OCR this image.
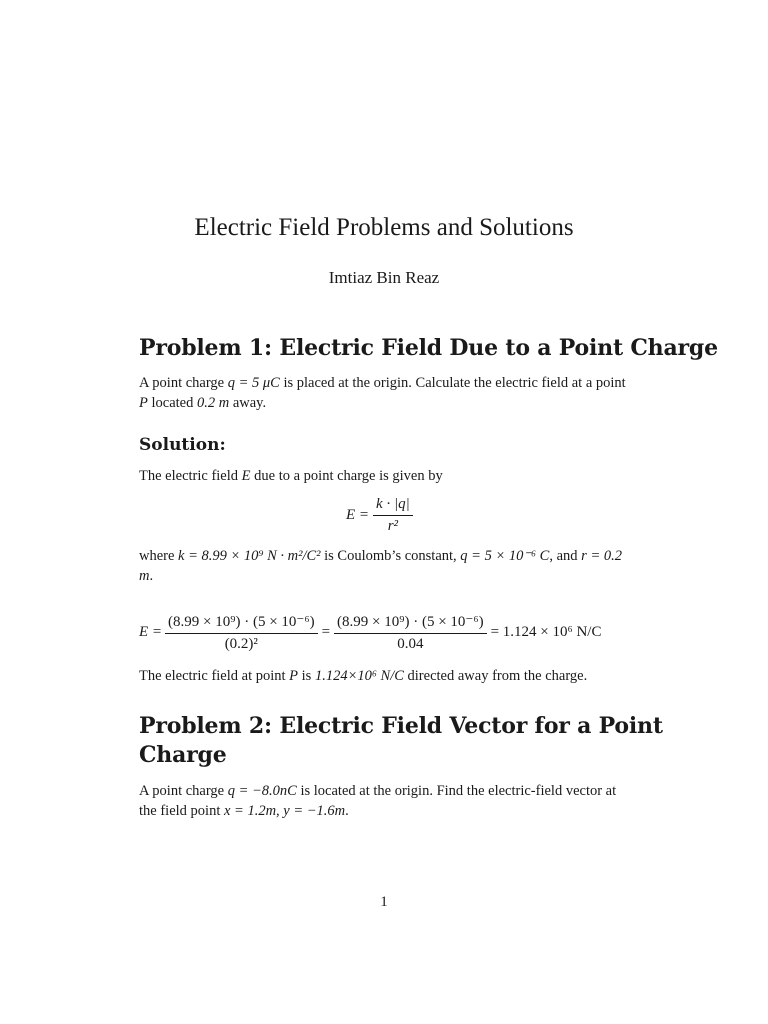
Electric Field Problems and Solutions
Imtiaz Bin Reaz
Problem 1: Electric Field Due to a Point Charge
A point charge q = 5 μC is placed at the origin. Calculate the electric field at a point P located 0.2 m away.
Solution:
The electric field E due to a point charge is given by
$E = \frac{k \cdot |q|}{\text{r²}}$
where k = 8.99 × 10⁹ N · m²/C² is Coulomb’s constant, q = 5 × 10⁻⁶ C, and r = 0.2 m.
$E = \frac{\text{(8.99 × 10⁹) · (5 × 10⁻⁶)}}{\text{(0.2)²}} = \frac{\text{(8.99 × 10⁹) · (5 × 10⁻⁶)}}{0.04} = 1.124 \times 10^6$ N/C
The electric field at point P is 1.124×10⁶ N/C directed away from the charge.
Problem 2: Electric Field Vector for a Point
Charge
A point charge q = −8.0nC is located at the origin. Find the electric-field vector at the field point x = 1.2m, y = −1.6m.
1
